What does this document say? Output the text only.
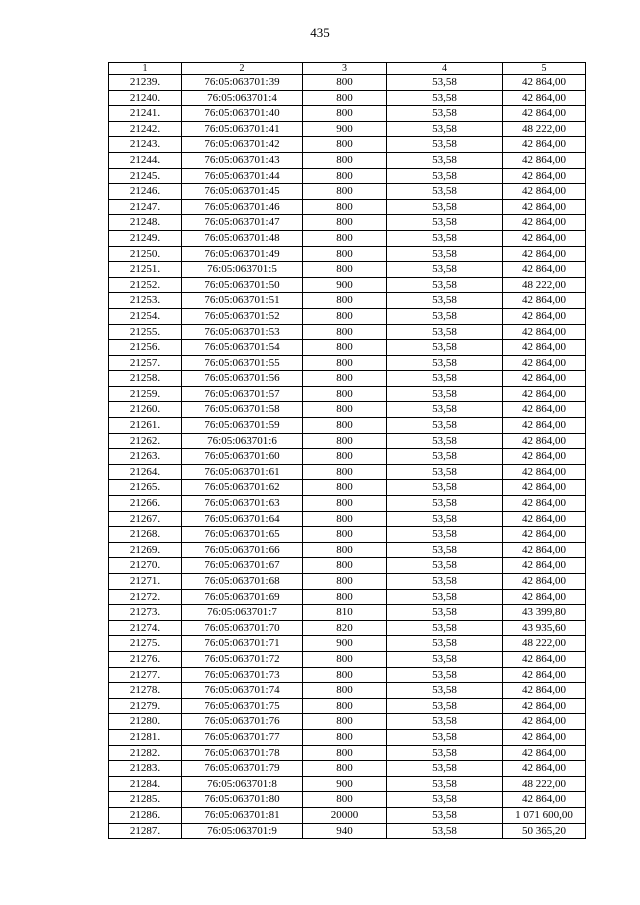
435
1	2	3	4	5
21239.	76:05:063701:39	800	53,58	42 864,00
21240.	76:05:063701:4	800	53,58	42 864,00
21241.	76:05:063701:40	800	53,58	42 864,00
21242.	76:05:063701:41	900	53,58	48 222,00
21243.	76:05:063701:42	800	53,58	42 864,00
21244.	76:05:063701:43	800	53,58	42 864,00
21245.	76:05:063701:44	800	53,58	42 864,00
21246.	76:05:063701:45	800	53,58	42 864,00
21247.	76:05:063701:46	800	53,58	42 864,00
21248.	76:05:063701:47	800	53,58	42 864,00
21249.	76:05:063701:48	800	53,58	42 864,00
21250.	76:05:063701:49	800	53,58	42 864,00
21251.	76:05:063701:5	800	53,58	42 864,00
21252.	76:05:063701:50	900	53,58	48 222,00
21253.	76:05:063701:51	800	53,58	42 864,00
21254.	76:05:063701:52	800	53,58	42 864,00
21255.	76:05:063701:53	800	53,58	42 864,00
21256.	76:05:063701:54	800	53,58	42 864,00
21257.	76:05:063701:55	800	53,58	42 864,00
21258.	76:05:063701:56	800	53,58	42 864,00
21259.	76:05:063701:57	800	53,58	42 864,00
21260.	76:05:063701:58	800	53,58	42 864,00
21261.	76:05:063701:59	800	53,58	42 864,00
21262.	76:05:063701:6	800	53,58	42 864,00
21263.	76:05:063701:60	800	53,58	42 864,00
21264.	76:05:063701:61	800	53,58	42 864,00
21265.	76:05:063701:62	800	53,58	42 864,00
21266.	76:05:063701:63	800	53,58	42 864,00
21267.	76:05:063701:64	800	53,58	42 864,00
21268.	76:05:063701:65	800	53,58	42 864,00
21269.	76:05:063701:66	800	53,58	42 864,00
21270.	76:05:063701:67	800	53,58	42 864,00
21271.	76:05:063701:68	800	53,58	42 864,00
21272.	76:05:063701:69	800	53,58	42 864,00
21273.	76:05:063701:7	810	53,58	43 399,80
21274.	76:05:063701:70	820	53,58	43 935,60
21275.	76:05:063701:71	900	53,58	48 222,00
21276.	76:05:063701:72	800	53,58	42 864,00
21277.	76:05:063701:73	800	53,58	42 864,00
21278.	76:05:063701:74	800	53,58	42 864,00
21279.	76:05:063701:75	800	53,58	42 864,00
21280.	76:05:063701:76	800	53,58	42 864,00
21281.	76:05:063701:77	800	53,58	42 864,00
21282.	76:05:063701:78	800	53,58	42 864,00
21283.	76:05:063701:79	800	53,58	42 864,00
21284.	76:05:063701:8	900	53,58	48 222,00
21285.	76:05:063701:80	800	53,58	42 864,00
21286.	76:05:063701:81	20000	53,58	1 071 600,00
21287.	76:05:063701:9	940	53,58	50 365,20
